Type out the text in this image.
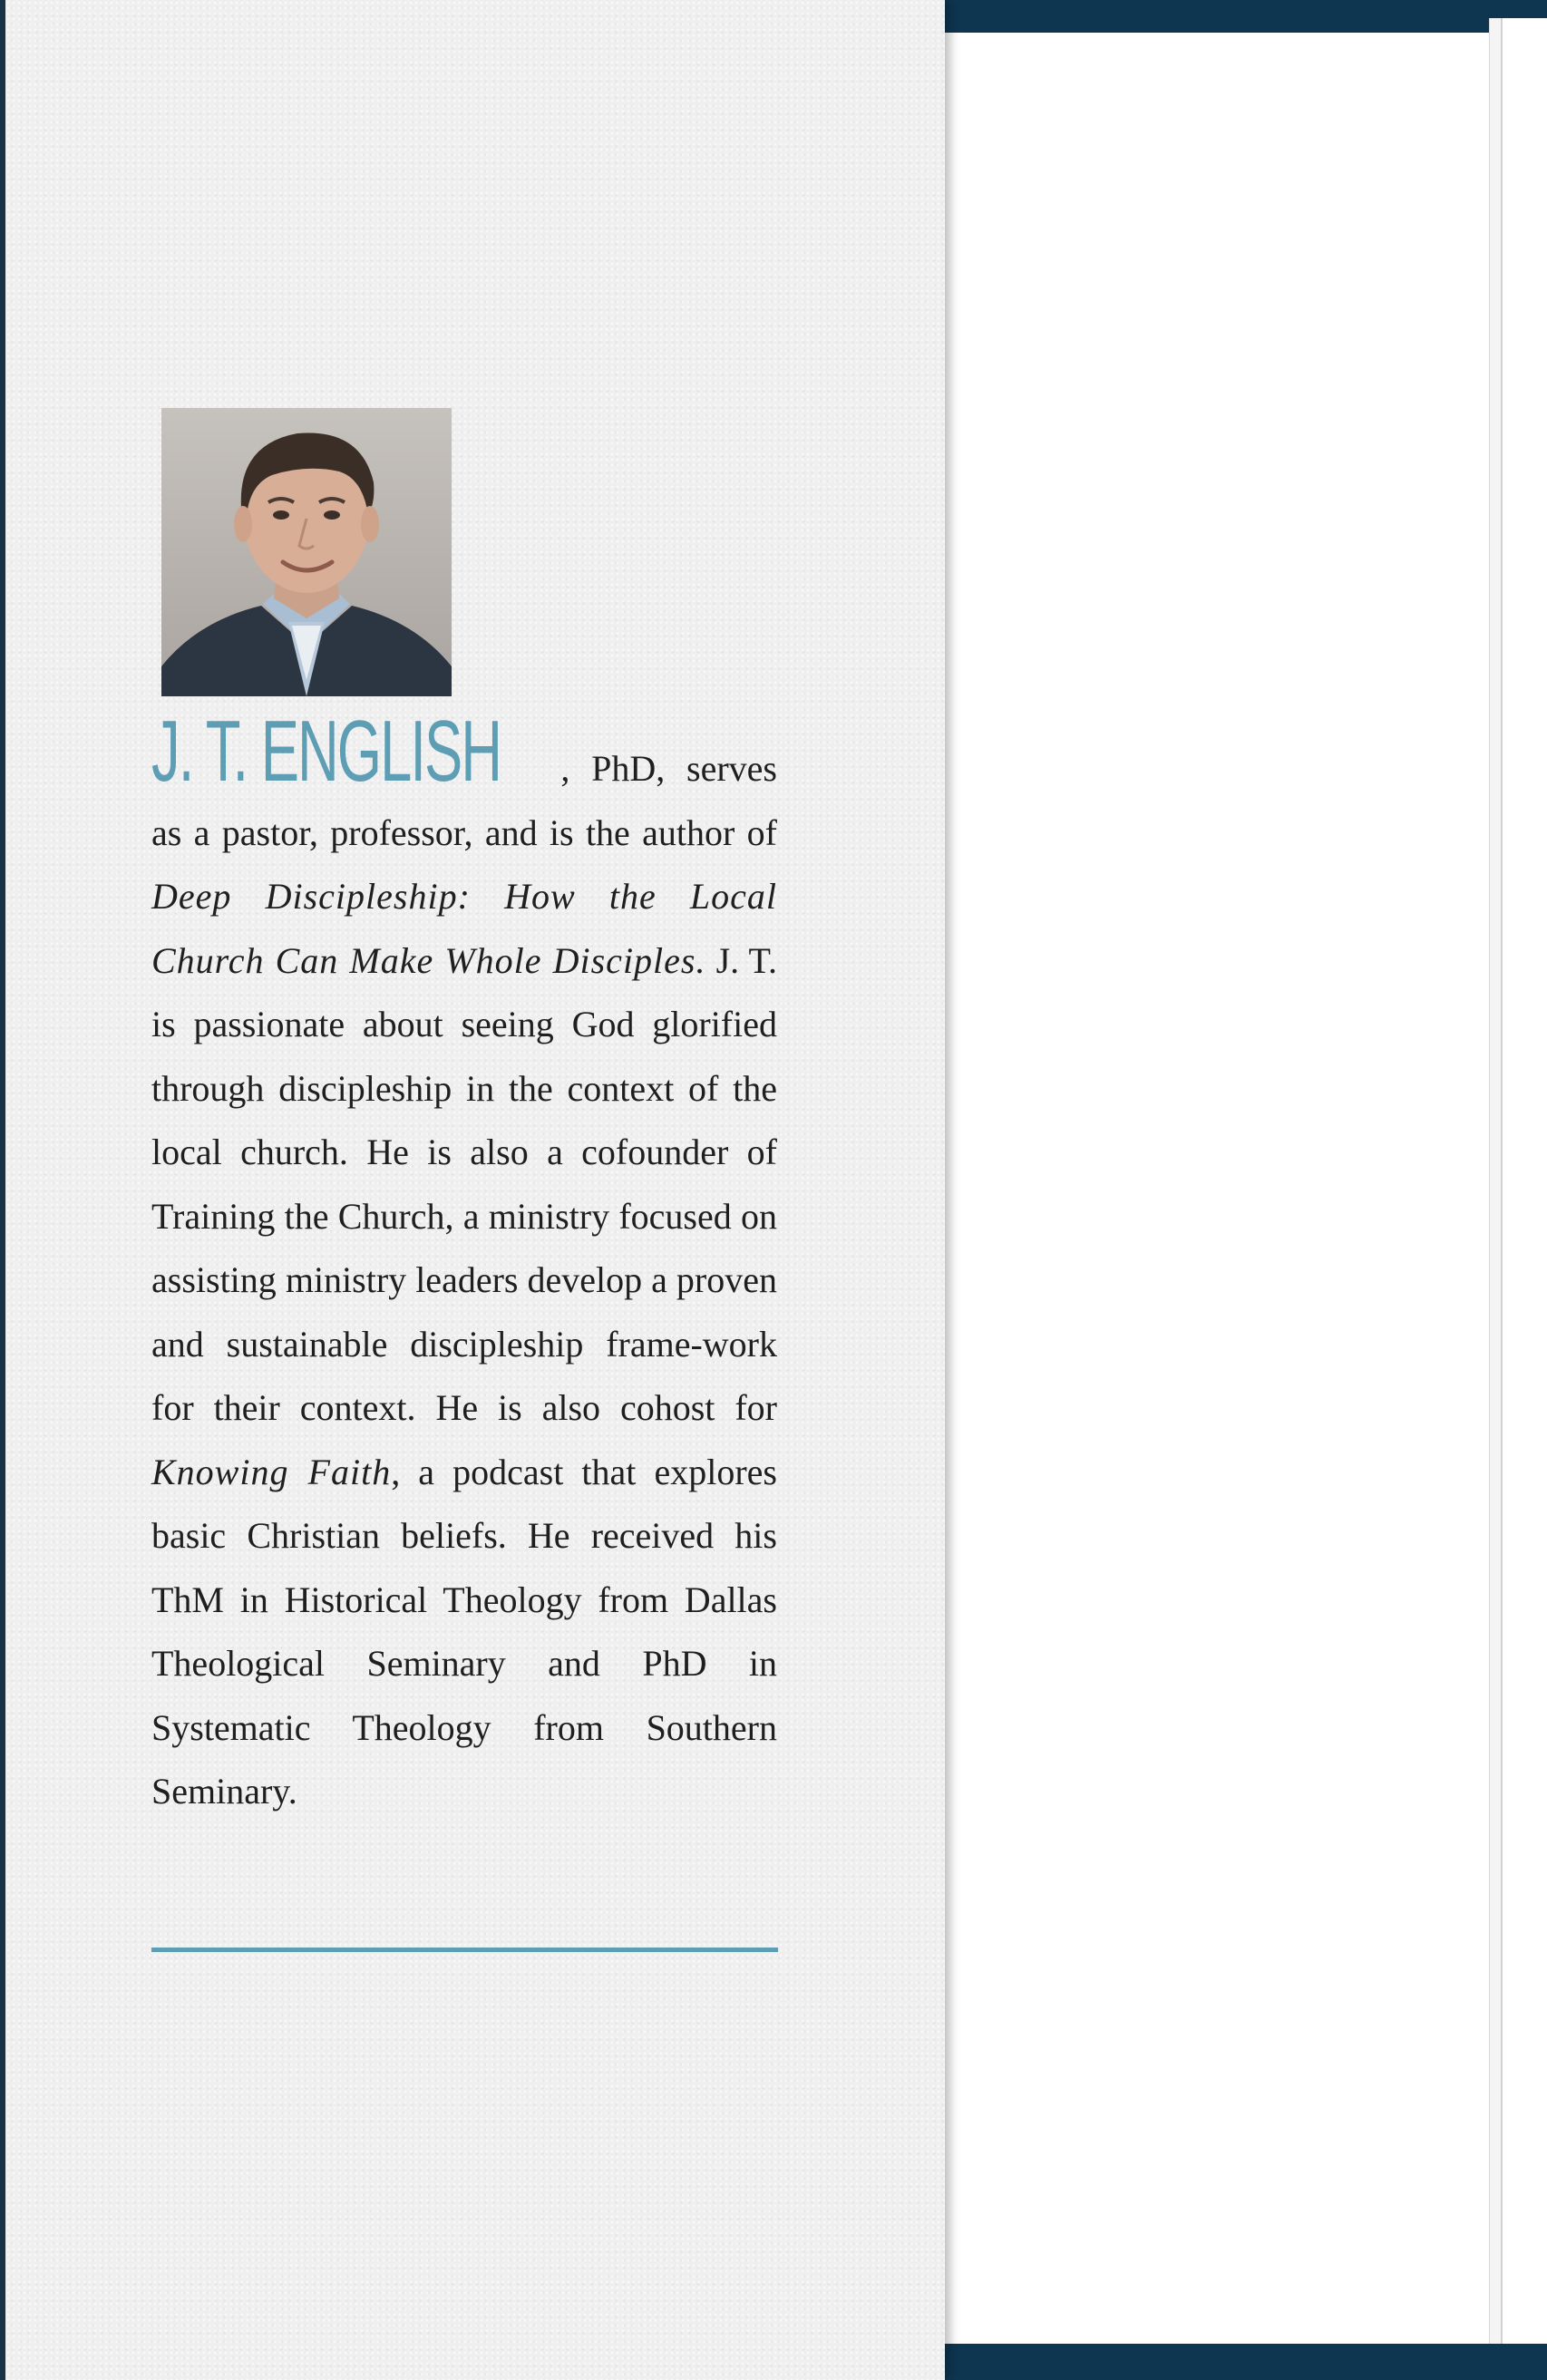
J. T. ENGLISH , PhD, serves as a pastor, professor, and is the author of Deep Discipleship: How the Local Church Can Make Whole Disciples. J. T. is passionate about seeing God glorified through discipleship in the context of the local church. He is also a cofounder of Training the Church, a ministry focused on assisting ministry leaders develop a proven and sustainable discipleship frame-work for their context. He is also cohost for Knowing Faith, a podcast that explores basic Christian beliefs. He received his ThM in Historical Theology from Dallas Theological Seminary and PhD in Systematic Theology from Southern Seminary.
